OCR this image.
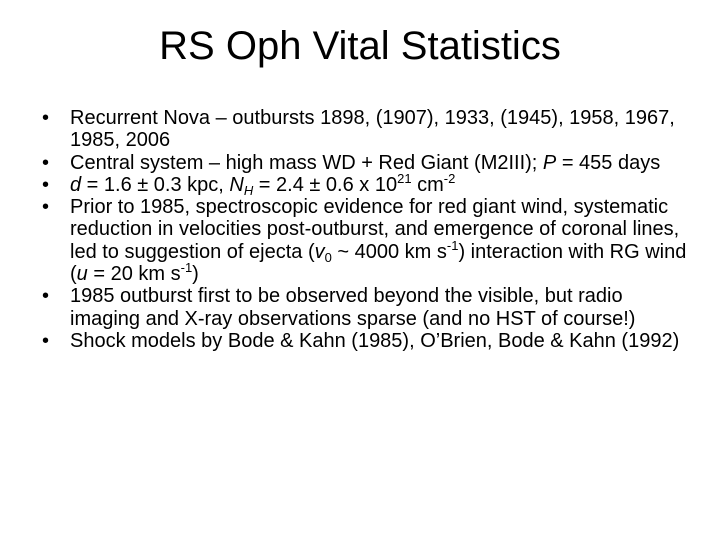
RS Oph Vital Statistics
• Recurrent Nova – outbursts 1898, (1907), 1933, (1945), 1958, 1967, 1985, 2006
• Central system – high mass WD + Red Giant (M2III); P = 455 days
• d = 1.6 ± 0.3 kpc, $N_H = 2.4 \pm 0.6$ x $10^{21}$ $cm^{-2}$
• Prior to 1985, spectroscopic evidence for red giant wind, systematic reduction in velocities post-outburst, and emergence of coronal lines, led to suggestion of ejecta ($v_0$ ~ 4000 km $s^{-1}$) interaction with RG wind (u = 20 km $s^{-1}$)
• 1985 outburst first to be observed beyond the visible, but radio imaging and X-ray observations sparse (and no HST of course!)
• Shock models by Bode & Kahn (1985), O’Brien, Bode & Kahn (1992)
